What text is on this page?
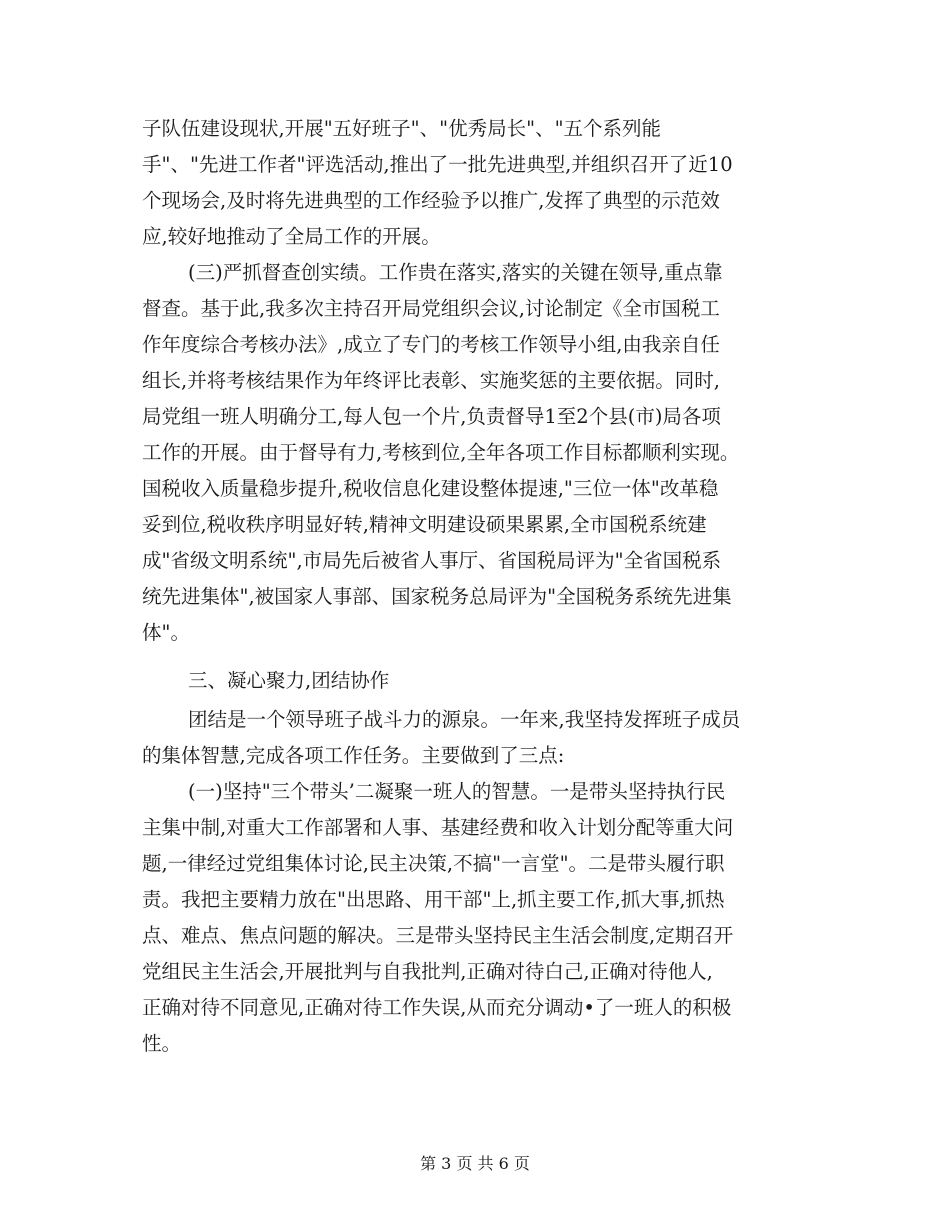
子队伍建设现状,开展"五好班子"、"优秀局长"、"五个系列能
手"、"先进工作者"评选活动,推出了一批先进典型,并组织召开了近10
个现场会,及时将先进典型的工作经验予以推广,发挥了典型的示范效
应,较好地推动了全局工作的开展。
(三)严抓督查创实绩。工作贵在落实,落实的关键在领导,重点靠
督查。基于此,我多次主持召开局党组织会议,讨论制定《全市国税工
作年度综合考核办法》,成立了专门的考核工作领导小组,由我亲自任
组长,并将考核结果作为年终评比表彰、实施奖惩的主要依据。同时,
局党组一班人明确分工,每人包一个片,负责督导1至2个县(市)局各项
工作的开展。由于督导有力,考核到位,全年各项工作目标都顺利实现。
国税收入质量稳步提升,税收信息化建设整体提速,"三位一体"改革稳
妥到位,税收秩序明显好转,精神文明建设硕果累累,全市国税系统建
成"省级文明系统",市局先后被省人事厅、省国税局评为"全省国税系
统先进集体",被国家人事部、国家税务总局评为"全国税务系统先进集
体"。
三、凝心聚力,团结协作
团结是一个领导班子战斗力的源泉。一年来,我坚持发挥班子成员
的集体智慧,完成各项工作任务。主要做到了三点:
(一)坚持"三个带头’二凝聚一班人的智慧。一是带头坚持执行民
主集中制,对重大工作部署和人事、基建经费和收入计划分配等重大问
题,一律经过党组集体讨论,民主决策,不搞"一言堂"。二是带头履行职
责。我把主要精力放在"出思路、用干部"上,抓主要工作,抓大事,抓热
点、难点、焦点问题的解决。三是带头坚持民主生活会制度,定期召开
党组民主生活会,开展批判与自我批判,正确对待白己,正确对待他人,
正确对待不同意见,正确对待工作失误,从而充分调动•了一班人的积极
性。
第 3 页 共 6 页
